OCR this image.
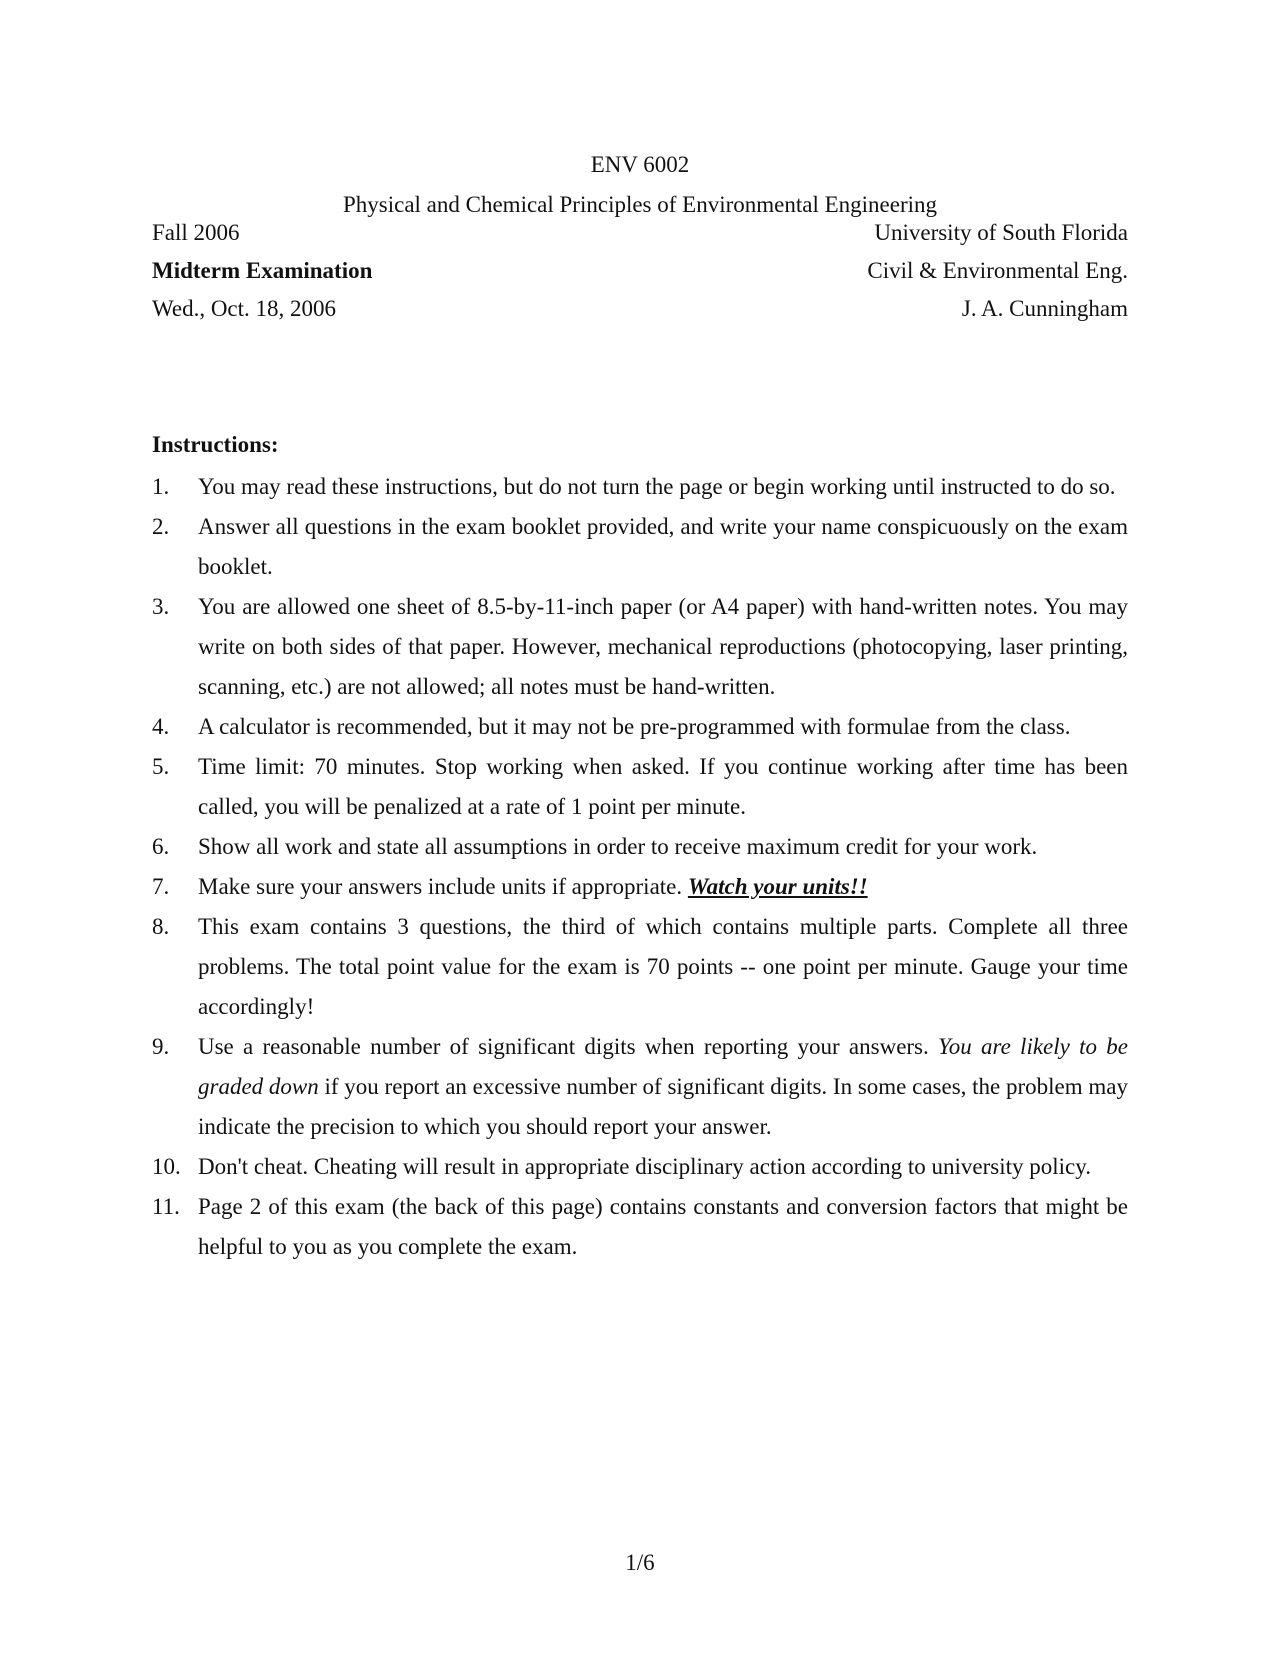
ENV 6002
Physical and Chemical Principles of Environmental Engineering
Fall 2006	University of South Florida
Midterm Examination	Civil & Environmental Eng.
Wed., Oct. 18, 2006	J. A. Cunningham
Instructions:
1. You may read these instructions, but do not turn the page or begin working until instructed to do so.
2. Answer all questions in the exam booklet provided, and write your name conspicuously on the exam booklet.
3. You are allowed one sheet of 8.5-by-11-inch paper (or A4 paper) with hand-written notes. You may write on both sides of that paper. However, mechanical reproductions (photocopying, laser printing, scanning, etc.) are not allowed; all notes must be hand-written.
4. A calculator is recommended, but it may not be pre-programmed with formulae from the class.
5. Time limit: 70 minutes. Stop working when asked. If you continue working after time has been called, you will be penalized at a rate of 1 point per minute.
6. Show all work and state all assumptions in order to receive maximum credit for your work.
7. Make sure your answers include units if appropriate. Watch your units!!
8. This exam contains 3 questions, the third of which contains multiple parts. Complete all three problems. The total point value for the exam is 70 points -- one point per minute. Gauge your time accordingly!
9. Use a reasonable number of significant digits when reporting your answers. You are likely to be graded down if you report an excessive number of significant digits. In some cases, the problem may indicate the precision to which you should report your answer.
10. Don't cheat. Cheating will result in appropriate disciplinary action according to university policy.
11. Page 2 of this exam (the back of this page) contains constants and conversion factors that might be helpful to you as you complete the exam.
1/6
